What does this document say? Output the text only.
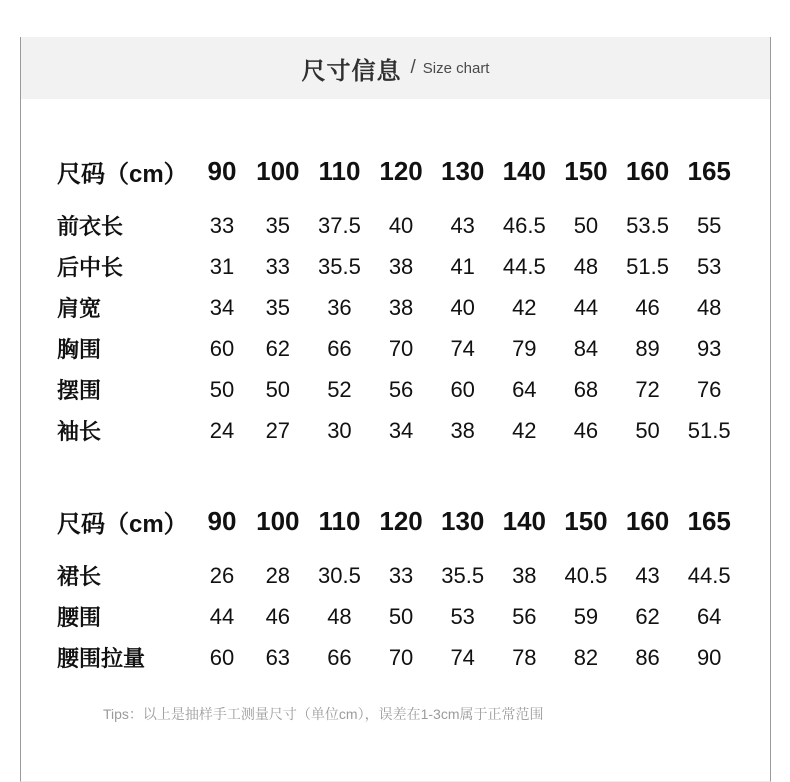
尺寸信息 / Size chart
尺码（cm）	90	100	110	120	130	140	150	160	165
前衣长	33	35	37.5	40	43	46.5	50	53.5	55
后中长	31	33	35.5	38	41	44.5	48	51.5	53
肩宽	34	35	36	38	40	42	44	46	48
胸围	60	62	66	70	74	79	84	89	93
摆围	50	50	52	56	60	64	68	72	76
袖长	24	27	30	34	38	42	46	50	51.5
尺码（cm）	90	100	110	120	130	140	150	160	165
裙长	26	28	30.5	33	35.5	38	40.5	43	44.5
腰围	44	46	48	50	53	56	59	62	64
腰围拉量	60	63	66	70	74	78	82	86	90
Tips：以上是抽样手工测量尺寸（单位cm），误差在1-3cm属于正常范围
